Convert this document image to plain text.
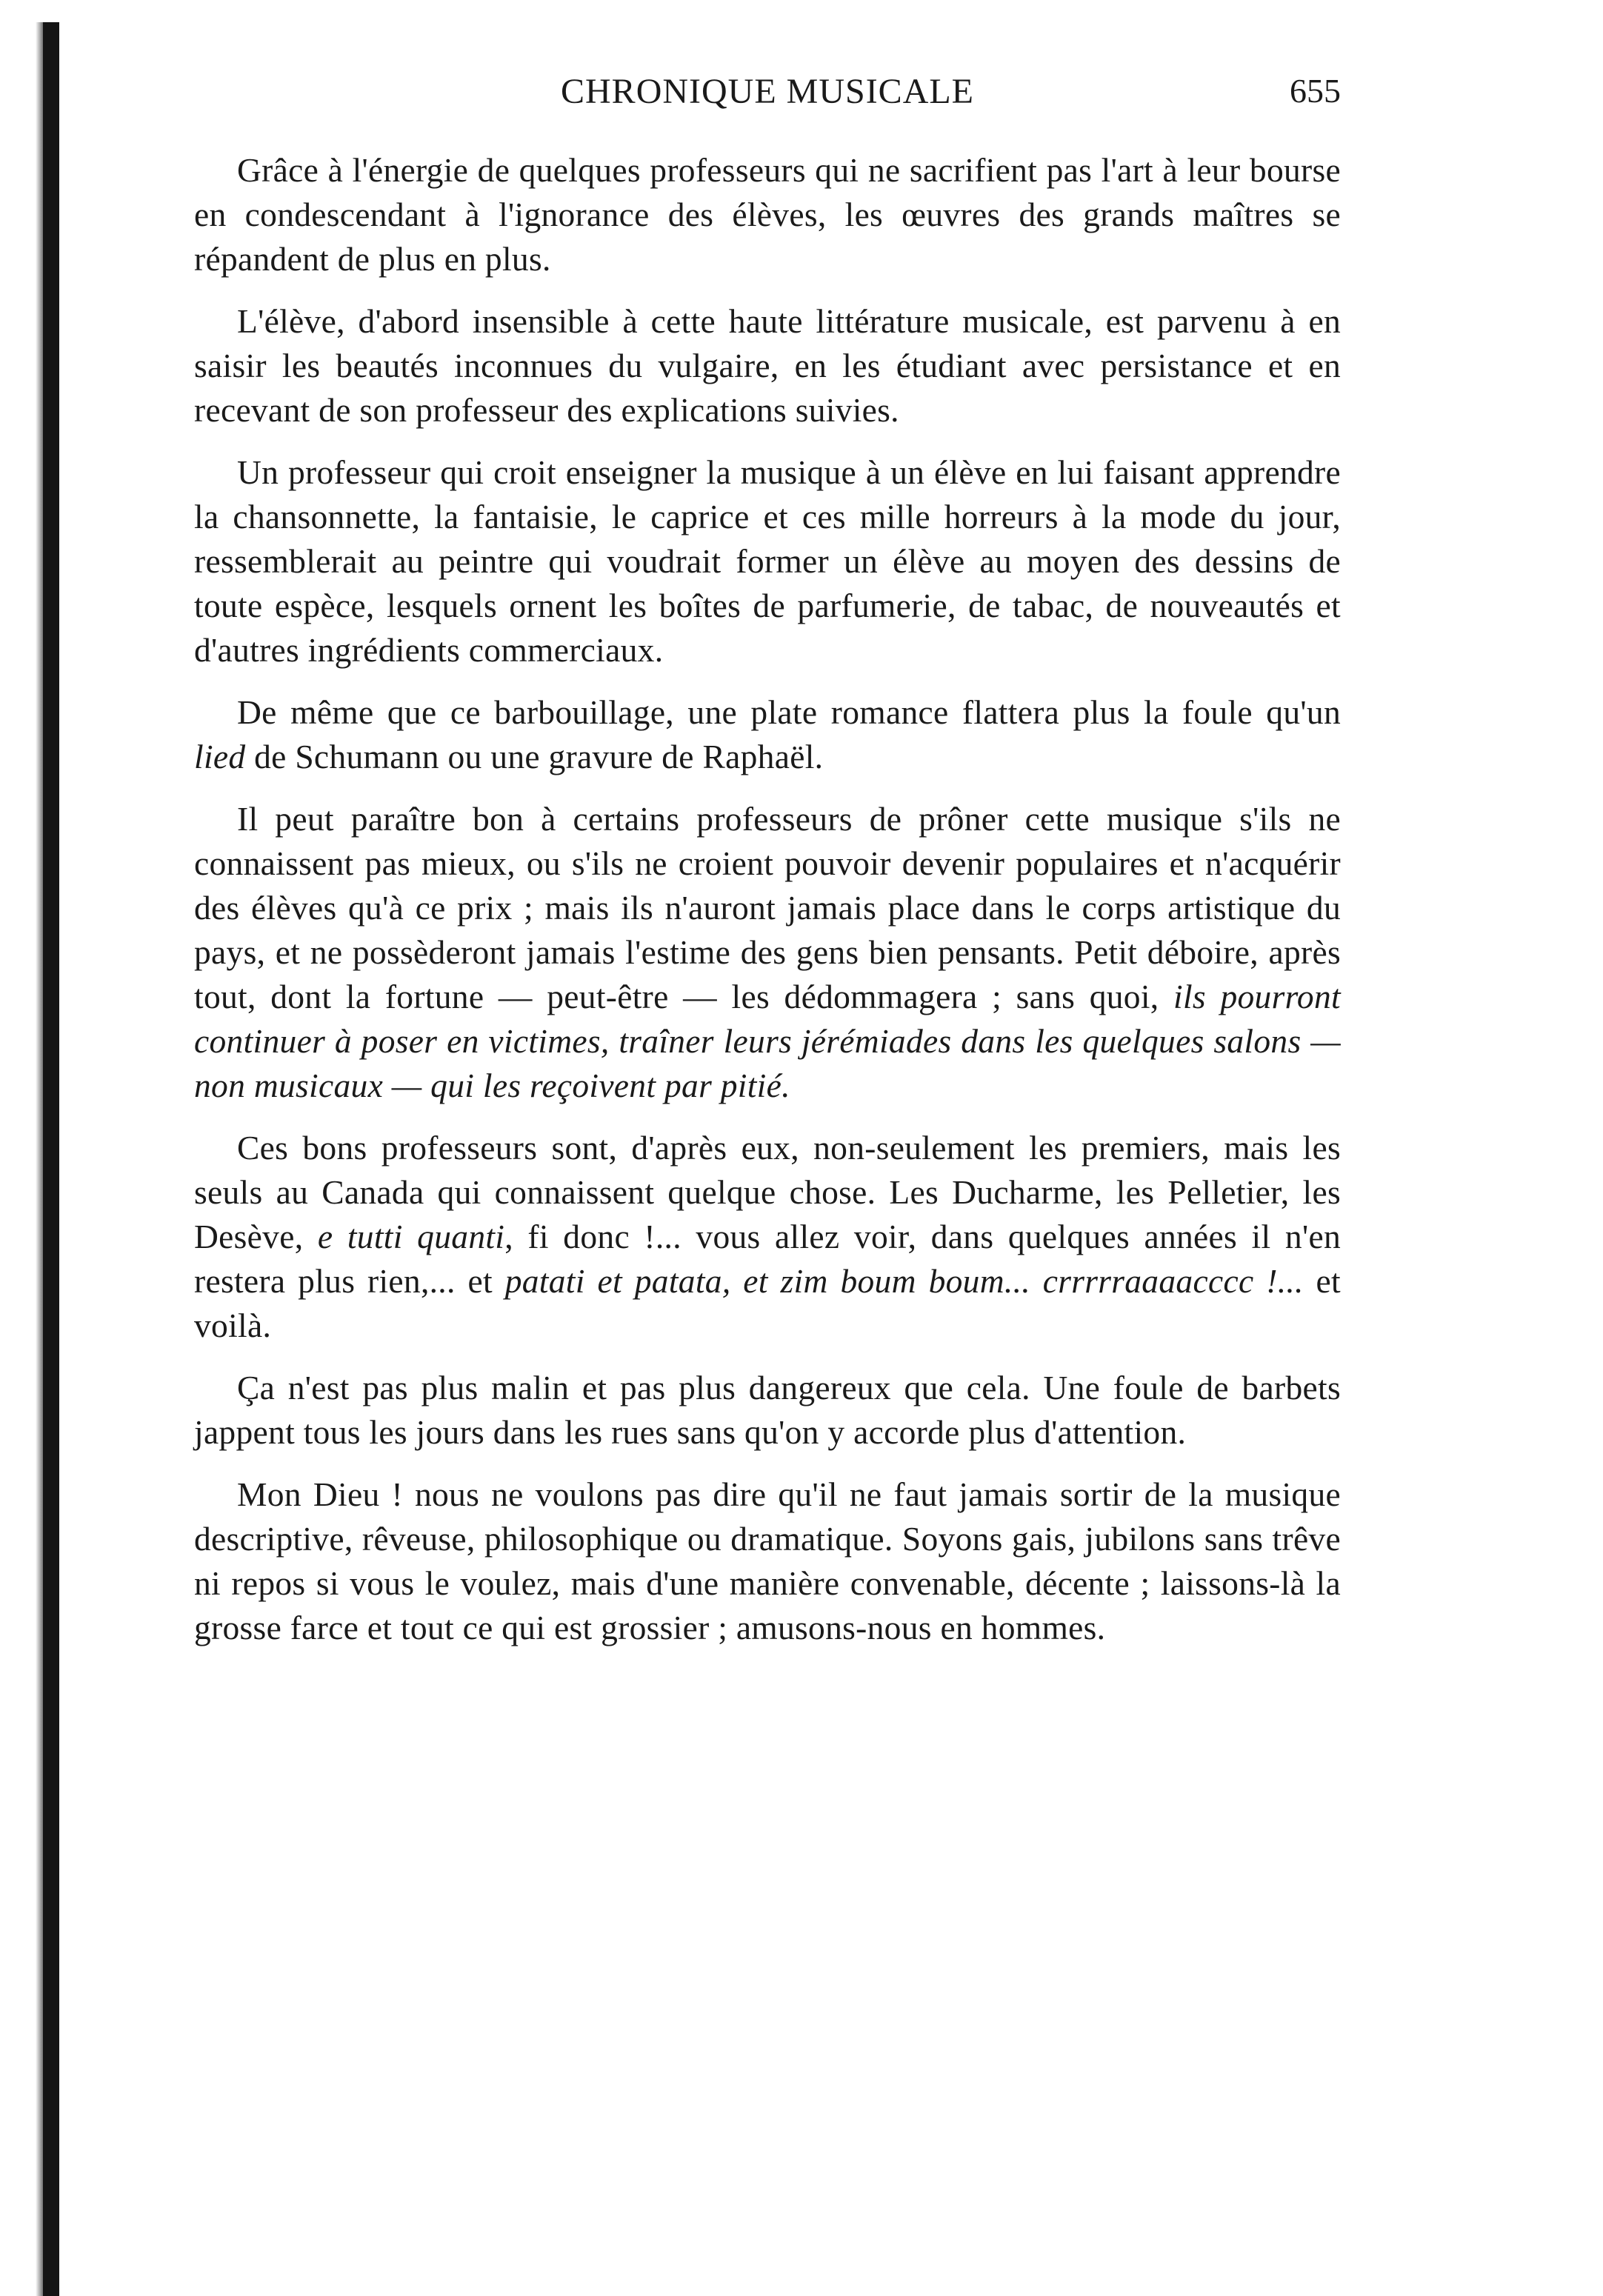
CHRONIQUE MUSICALE	655

Grâce à l'énergie de quelques professeurs qui ne sacrifient pas l'art à leur bourse en condescendant à l'ignorance des élèves, les œuvres des grands maîtres se répandent de plus en plus.

L'élève, d'abord insensible à cette haute littérature musicale, est parvenu à en saisir les beautés inconnues du vulgaire, en les étudiant avec persistance et en recevant de son professeur des explications suivies.

Un professeur qui croit enseigner la musique à un élève en lui faisant apprendre la chansonnette, la fantaisie, le caprice et ces mille horreurs à la mode du jour, ressemblerait au peintre qui voudrait former un élève au moyen des dessins de toute espèce, lesquels ornent les boîtes de parfumerie, de tabac, de nouveautés et d'autres ingrédients commerciaux.

De même que ce barbouillage, une plate romance flattera plus la foule qu'un lied de Schumann ou une gravure de Raphaël.

Il peut paraître bon à certains professeurs de prôner cette musique s'ils ne connaissent pas mieux, ou s'ils ne croient pouvoir devenir populaires et n'acquérir des élèves qu'à ce prix ; mais ils n'auront jamais place dans le corps artistique du pays, et ne possèderont jamais l'estime des gens bien pensants. Petit déboire, après tout, dont la fortune — peut-être — les dédommagera ; sans quoi, ils pourront continuer à poser en victimes, traîner leurs jérémiades dans les quelques salons — non musicaux — qui les reçoivent par pitié.

Ces bons professeurs sont, d'après eux, non-seulement les premiers, mais les seuls au Canada qui connaissent quelque chose. Les Ducharme, les Pelletier, les Desève, e tutti quanti, fi donc !... vous allez voir, dans quelques années il n'en restera plus rien,... et patati et patata, et zim boum boum... crrrrraaaacccc !... et voilà.

Ça n'est pas plus malin et pas plus dangereux que cela. Une foule de barbets jappent tous les jours dans les rues sans qu'on y accorde plus d'attention.

Mon Dieu ! nous ne voulons pas dire qu'il ne faut jamais sortir de la musique descriptive, rêveuse, philosophique ou dramatique. Soyons gais, jubilons sans trêve ni repos si vous le voulez, mais d'une manière convenable, décente ; laissons-là la grosse farce et tout ce qui est grossier ; amusons-nous en hommes.
